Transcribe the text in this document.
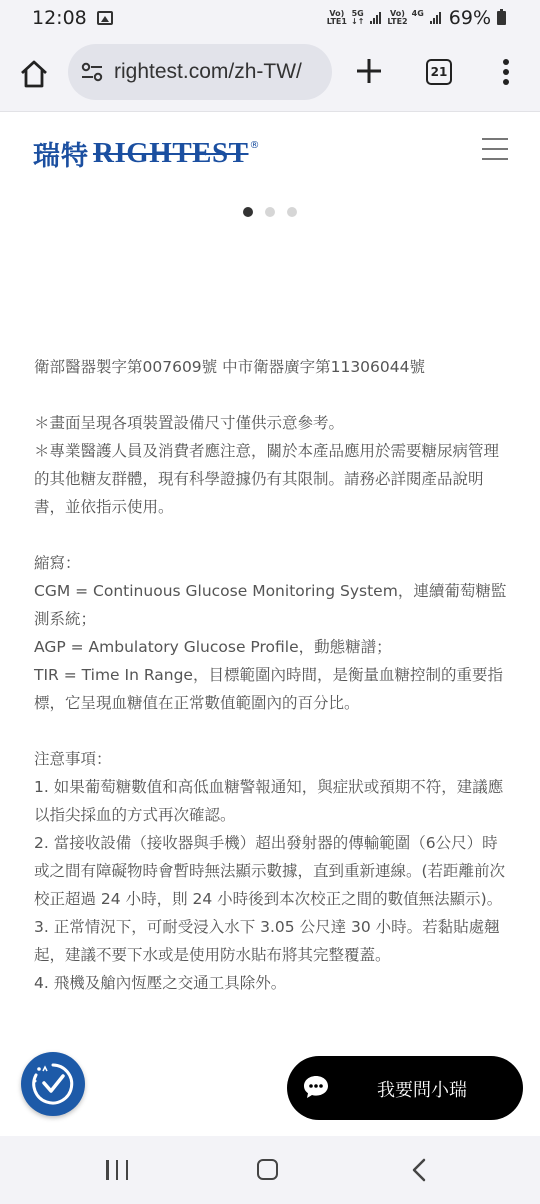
12:08	Vo)
LTE1
5G
↓↑
Vo)
LTE2
4G
69%
rightest.com/zh-TW/	21
瑞特 RIGHTEST ®

衛部醫器製字第007609號 中市衛器廣字第11306044號

＊畫面呈現各項裝置設備尺寸僅供示意參考。

＊專業醫護人員及消費者應注意，關於本產品應用於需要糖尿病管理的其他糖友群體，現有科學證據仍有其限制。請務必詳閱產品說明書，並依指示使用。

縮寫：

CGM = Continuous Glucose Monitoring System，連續葡萄糖監測系統；

AGP = Ambulatory Glucose Profile，動態糖譜；

TIR = Time In Range，目標範圍內時間，是衡量血糖控制的重要指標，它呈現血糖值在正常數值範圍內的百分比。

注意事項：

1. 如果葡萄糖數值和高低血糖警報通知，與症狀或預期不符，建議應以指尖採血的方式再次確認。

2. 當接收設備（接收器與手機）超出發射器的傳輸範圍（6公尺）時或之間有障礙物時會暫時無法顯示數據，直到重新連線。(若距離前次校正超過 24 小時，則 24 小時後到本次校正之間的數值無法顯示)。

3. 正常情況下，可耐受浸入水下 3.05 公尺達 30 小時。若黏貼處翹起，建議不要下水或是使用防水貼布將其完整覆蓋。

4. 飛機及艙內恆壓之交通工具除外。

我要問小瑞
